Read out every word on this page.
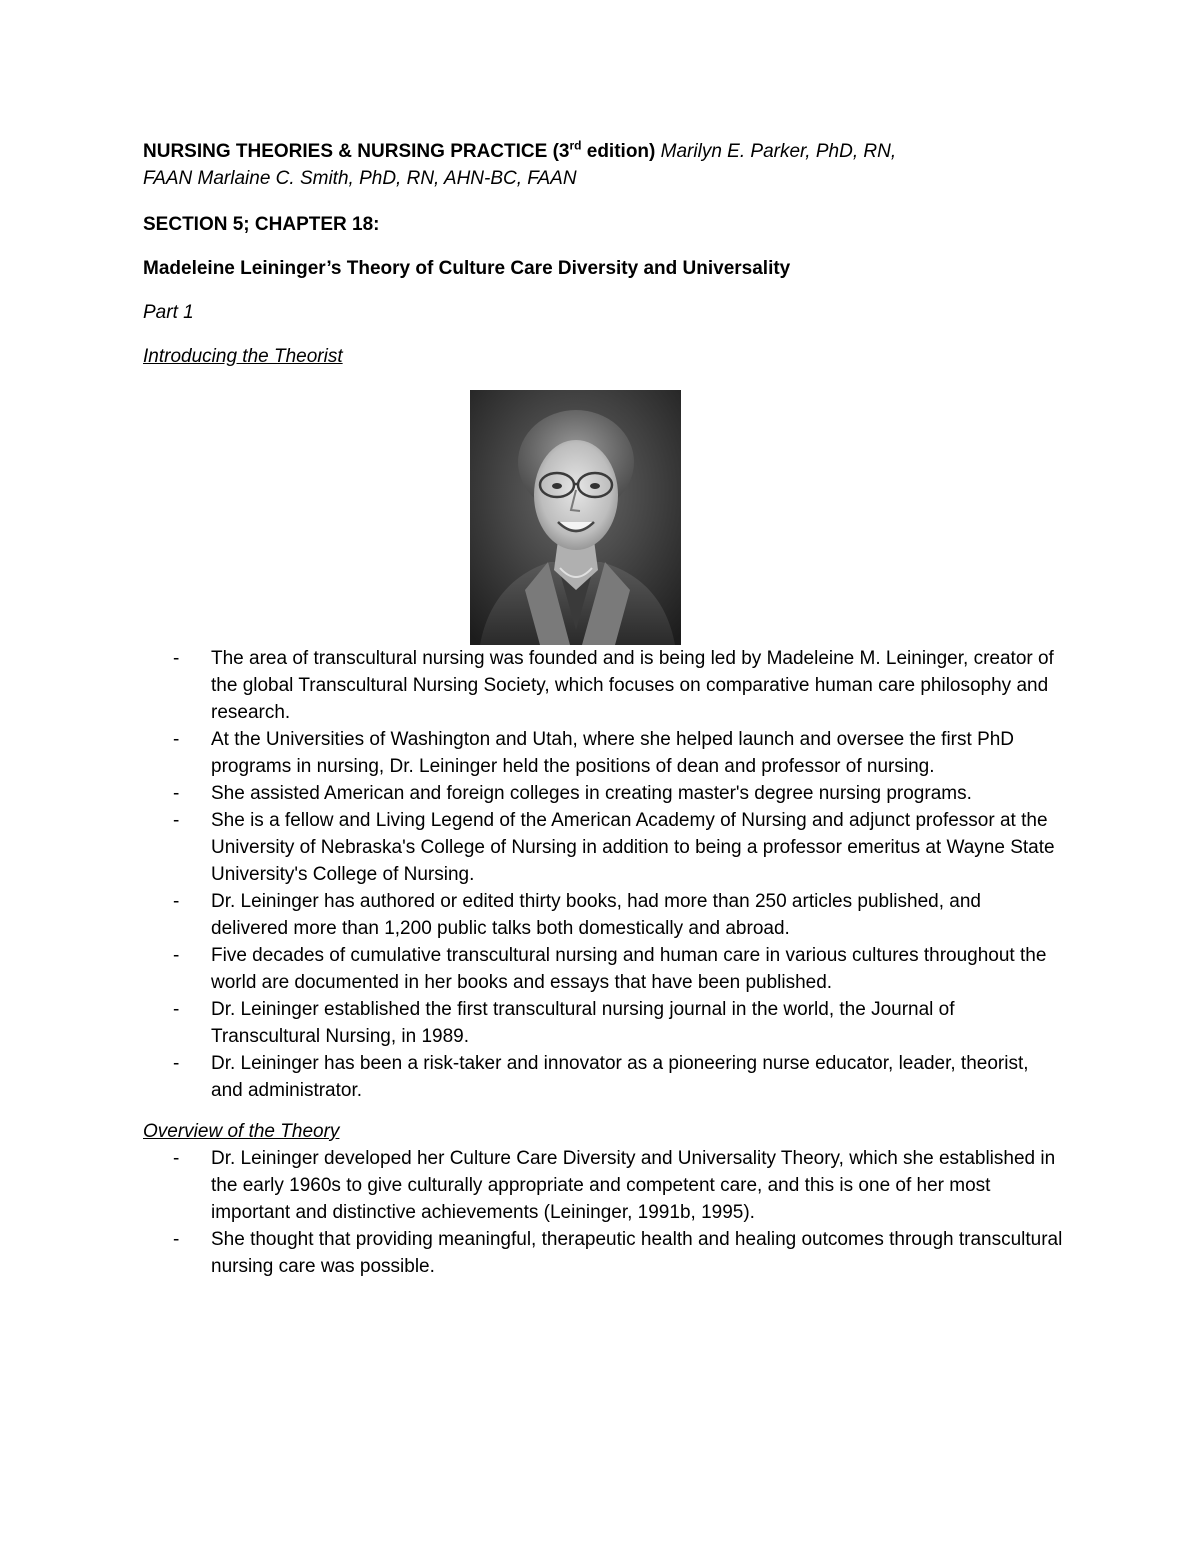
NURSING THEORIES & NURSING PRACTICE (3rd edition) Marilyn E. Parker, PhD, RN,
FAAN Marlaine C. Smith, PhD, RN, AHN-BC, FAAN

SECTION 5; CHAPTER 18:

Madeleine Leininger’s Theory of Culture Care Diversity and Universality

Part 1

Introducing the Theorist

- The area of transcultural nursing was founded and is being led by Madeleine M. Leininger, creator of the global Transcultural Nursing Society, which focuses on comparative human care philosophy and research.
- At the Universities of Washington and Utah, where she helped launch and oversee the first PhD programs in nursing, Dr. Leininger held the positions of dean and professor of nursing.
- She assisted American and foreign colleges in creating master's degree nursing programs.
- She is a fellow and Living Legend of the American Academy of Nursing and adjunct professor at the University of Nebraska's College of Nursing in addition to being a professor emeritus at Wayne State University's College of Nursing.
- Dr. Leininger has authored or edited thirty books, had more than 250 articles published, and delivered more than 1,200 public talks both domestically and abroad.
- Five decades of cumulative transcultural nursing and human care in various cultures throughout the world are documented in her books and essays that have been published.
- Dr. Leininger established the first transcultural nursing journal in the world, the Journal of Transcultural Nursing, in 1989.
- Dr. Leininger has been a risk-taker and innovator as a pioneering nurse educator, leader, theorist, and administrator.

Overview of the Theory

- Dr. Leininger developed her Culture Care Diversity and Universality Theory, which she established in the early 1960s to give culturally appropriate and competent care, and this is one of her most important and distinctive achievements (Leininger, 1991b, 1995).
- She thought that providing meaningful, therapeutic health and healing outcomes through transcultural nursing care was possible.
